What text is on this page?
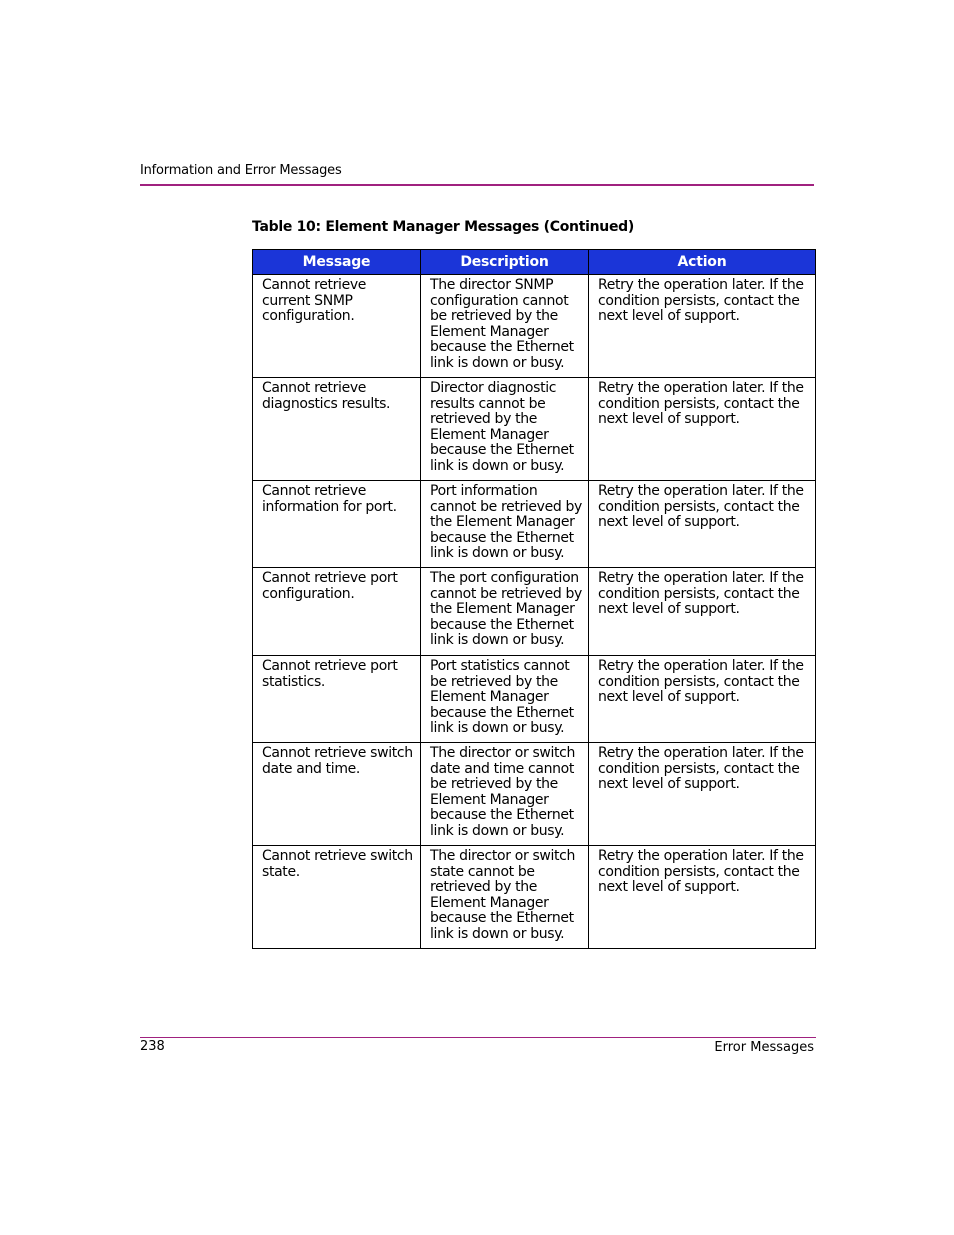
Information and Error Messages
Table 10: Element Manager Messages (Continued)
Message	Description	Action
Cannot retrieve current SNMP configuration.	The director SNMP configuration cannot be retrieved by the Element Manager because the Ethernet link is down or busy.	Retry the operation later. If the condition persists, contact the next level of support.
Cannot retrieve diagnostics results.	Director diagnostic results cannot be retrieved by the Element Manager because the Ethernet link is down or busy.	Retry the operation later. If the condition persists, contact the next level of support.
Cannot retrieve information for port.	Port information cannot be retrieved by the Element Manager because the Ethernet link is down or busy.	Retry the operation later. If the condition persists, contact the next level of support.
Cannot retrieve port configuration.	The port configuration cannot be retrieved by the Element Manager because the Ethernet link is down or busy.	Retry the operation later. If the condition persists, contact the next level of support.
Cannot retrieve port statistics.	Port statistics cannot be retrieved by the Element Manager because the Ethernet link is down or busy.	Retry the operation later. If the condition persists, contact the next level of support.
Cannot retrieve switch date and time.	The director or switch date and time cannot be retrieved by the Element Manager because the Ethernet link is down or busy.	Retry the operation later. If the condition persists, contact the next level of support.
Cannot retrieve switch state.	The director or switch state cannot be retrieved by the Element Manager because the Ethernet link is down or busy.	Retry the operation later. If the condition persists, contact the next level of support.
238	Error Messages
